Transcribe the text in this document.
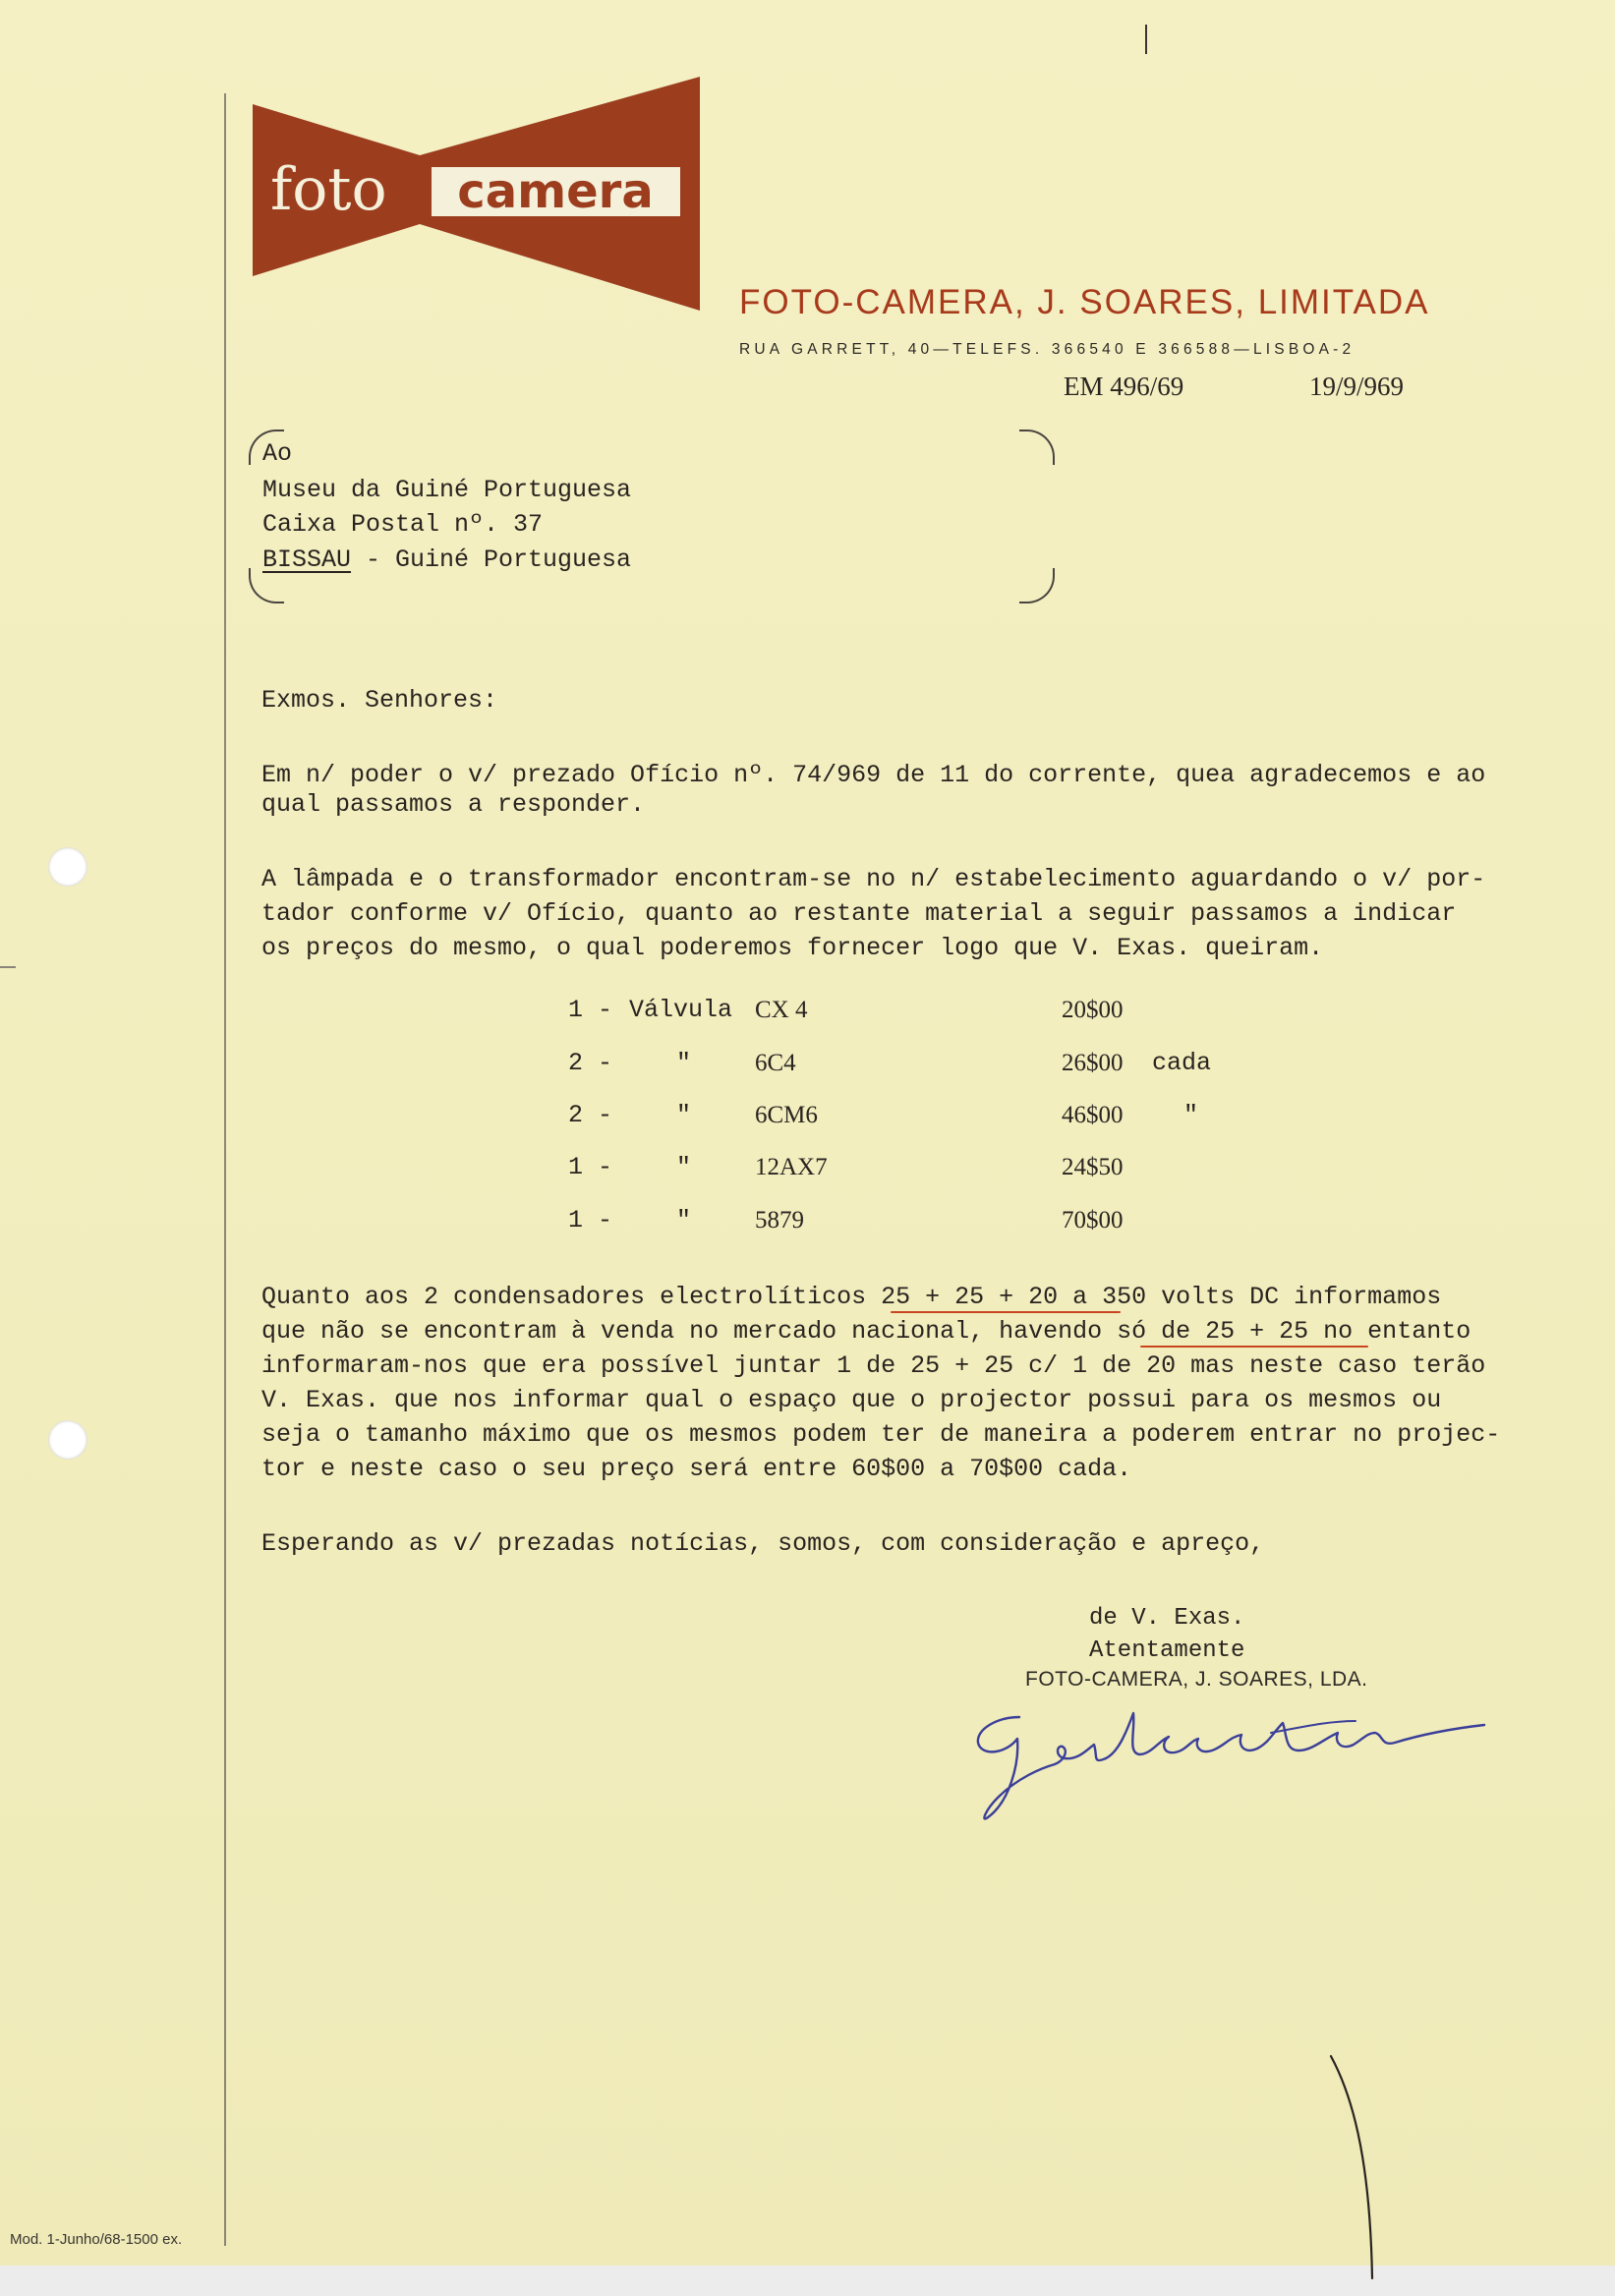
foto camera
FOTO-CAMERA, J. SOARES, LIMITADA
RUA GARRETT, 40—TELEFS. 366540 E 366588—LISBOA-2
EM 496/69	19/9/969
Ao
Museu da Guiné Portuguesa
Caixa Postal nº. 37
BISSAU - Guiné Portuguesa
Exmos. Senhores:
Em n/ poder o v/ prezado Ofício nº. 74/969 de 11 do corrente, quea agradecemos e ao
qual passamos a responder.
A lâmpada e o transformador encontram-se no n/ estabelecimento aguardando o v/ por-
tador conforme v/ Ofício, quanto ao restante material a seguir passamos a indicar
os preços do mesmo, o qual poderemos fornecer logo que V. Exas. queiram.
1 - Válvula CX 4	20$00
2 -	"	6C4	26$00 cada
2 -	"	6CM6	46$00 "
1 -	"	12AX7	24$50
1 -	"	5879	70$00
Quanto aos 2 condensadores electrolíticos 25 + 25 + 20 a 350 volts DC informamos
que não se encontram à venda no mercado nacional, havendo só de 25 + 25 no entanto
informaram-nos que era possível juntar 1 de 25 + 25 c/ 1 de 20 mas neste caso terão
V. Exas. que nos informar qual o espaço que o projector possui para os mesmos ou
seja o tamanho máximo que os mesmos podem ter de maneira a poderem entrar no projec-
tor e neste caso o seu preço será entre 60$00 a 70$00 cada.
Esperando as v/ prezadas notícias, somos, com consideração e apreço,
de V. Exas.
Atentamente
FOTO-CAMERA, J. SOARES, LDA.
Mod. 1-Junho/68-1500 ex.
